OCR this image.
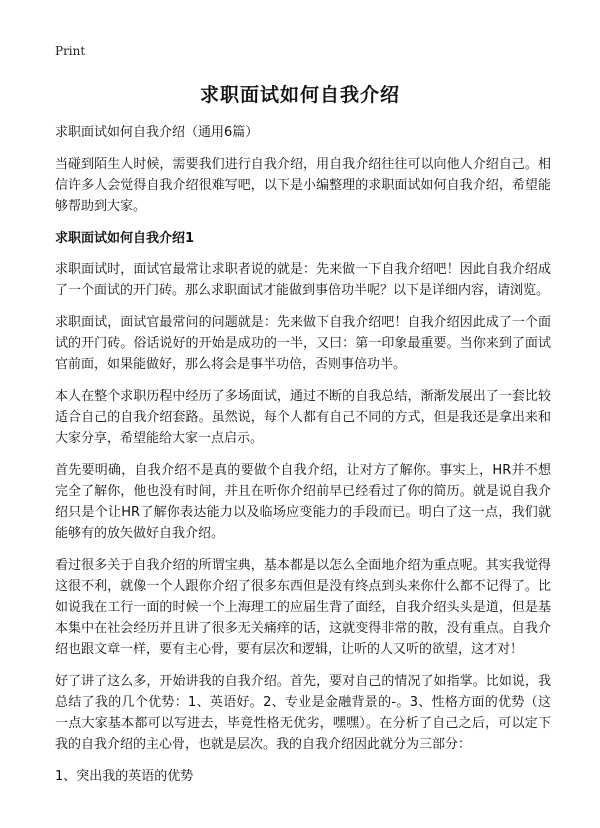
Print
求职面试如何自我介绍

求职面试如何自我介绍（通用6篇）

当碰到陌生人时候，需要我们进行自我介绍，用自我介绍往往可以向他人介绍自己。相信许多人会觉得自我介绍很难写吧，以下是小编整理的求职面试如何自我介绍，希望能够帮助到大家。

求职面试如何自我介绍1

求职面试时，面试官最常让求职者说的就是：先来做一下自我介绍吧！因此自我介绍成了一个面试的开门砖。那么求职面试才能做到事倍功半呢？以下是详细内容，请浏览。

求职面试，面试官最常问的问题就是：先来做下自我介绍吧！自我介绍因此成了一个面试的开门砖。俗话说好的开始是成功的一半，又曰：第一印象最重要。当你来到了面试官前面，如果能做好，那么将会是事半功倍，否则事倍功半。

本人在整个求职历程中经历了多场面试，通过不断的自我总结，渐渐发展出了一套比较适合自己的自我介绍套路。虽然说，每个人都有自己不同的方式，但是我还是拿出来和大家分享，希望能给大家一点启示。

首先要明确，自我介绍不是真的要做个自我介绍，让对方了解你。事实上，HR并不想完全了解你，他也没有时间，并且在听你介绍前早已经看过了你的简历。就是说自我介绍只是个让HR了解你表达能力以及临场应变能力的手段而已。明白了这一点，我们就能够有的放矢做好自我介绍。

看过很多关于自我介绍的所谓宝典，基本都是以怎么全面地介绍为重点呢。其实我觉得这很不利，就像一个人跟你介绍了很多东西但是没有终点到头来你什么都不记得了。比如说我在工行一面的时候一个上海理工的应届生背了面经，自我介绍头头是道，但是基本集中在社会经历并且讲了很多无关痛痒的话，这就变得非常的散，没有重点。自我介绍也跟文章一样，要有主心骨，要有层次和逻辑，让听的人又听的欲望，这才对！

好了讲了这么多，开始讲我的自我介绍。首先，要对自己的情况了如指掌。比如说，我总结了我的几个优势：1、英语好。2、专业是金融背景的-。3、性格方面的优势（这一点大家基本都可以写进去，毕竟性格无优劣，嘿嘿）。在分析了自己之后，可以定下我的自我介绍的主心骨，也就是层次。我的自我介绍因此就分为三部分：

1、突出我的英语的优势
